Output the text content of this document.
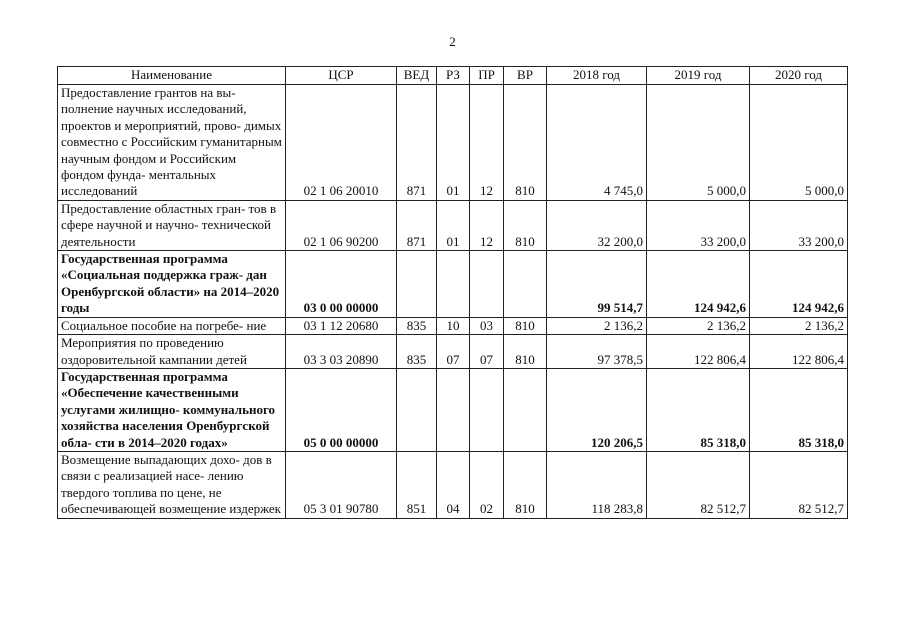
2
Наименование	ЦСР	ВЕД	РЗ	ПР	ВР	2018 год	2019 год	2020 год
Предоставление грантов на вы- полнение научных исследований, проектов и мероприятий, прово- димых совместно с Российским гуманитарным научным фондом и Российским фондом фунда- ментальных исследований	02 1 06 20010	871	01	12	810	4 745,0	5 000,0	5 000,0
Предоставление областных гран- тов в сфере научной и научно- технической деятельности	02 1 06 90200	871	01	12	810	32 200,0	33 200,0	33 200,0
Государственная программа «Социальная поддержка граж- дан Оренбургской области» на 2014–2020 годы	03 0 00 00000					99 514,7	124 942,6	124 942,6
Социальное пособие на погребе- ние	03 1 12 20680	835	10	03	810	2 136,2	2 136,2	2 136,2
Мероприятия по проведению оздоровительной кампании детей	03 3 03 20890	835	07	07	810	97 378,5	122 806,4	122 806,4
Государственная программа «Обеспечение качественными услугами жилищно- коммунального хозяйства населения Оренбургской обла- сти в 2014–2020 годах»	05 0 00 00000					120 206,5	85 318,0	85 318,0
Возмещение выпадающих дохо- дов в связи с реализацией насе- лению твердого топлива по цене, не обеспечивающей возмещение издержек	05 3 01 90780	851	04	02	810	118 283,8	82 512,7	82 512,7
